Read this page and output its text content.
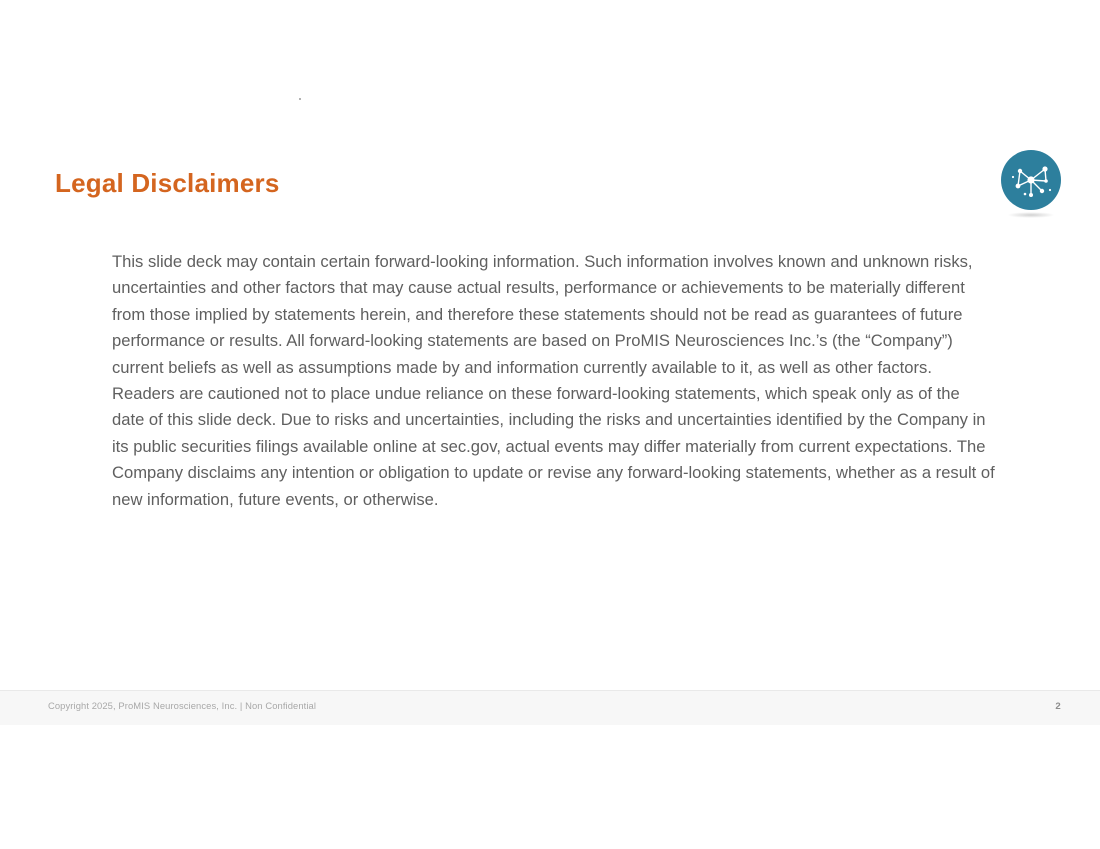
Legal Disclaimers
This slide deck may contain certain forward-looking information. Such information involves known and unknown risks, uncertainties and other factors that may cause actual results, performance or achievements to be materially different from those implied by statements herein, and therefore these statements should not be read as guarantees of future performance or results. All forward-looking statements are based on ProMIS Neurosciences Inc.’s (the “Company”) current beliefs as well as assumptions made by and information currently available to it, as well as other factors. Readers are cautioned not to place undue reliance on these forward-looking statements, which speak only as of the date of this slide deck. Due to risks and uncertainties, including the risks and uncertainties identified by the Company in its public securities filings available online at sec.gov, actual events may differ materially from current expectations. The Company disclaims any intention or obligation to update or revise any forward-looking statements, whether as a result of new information, future events, or otherwise.
Copyright 2025, ProMIS Neurosciences, Inc. | Non Confidential	2
